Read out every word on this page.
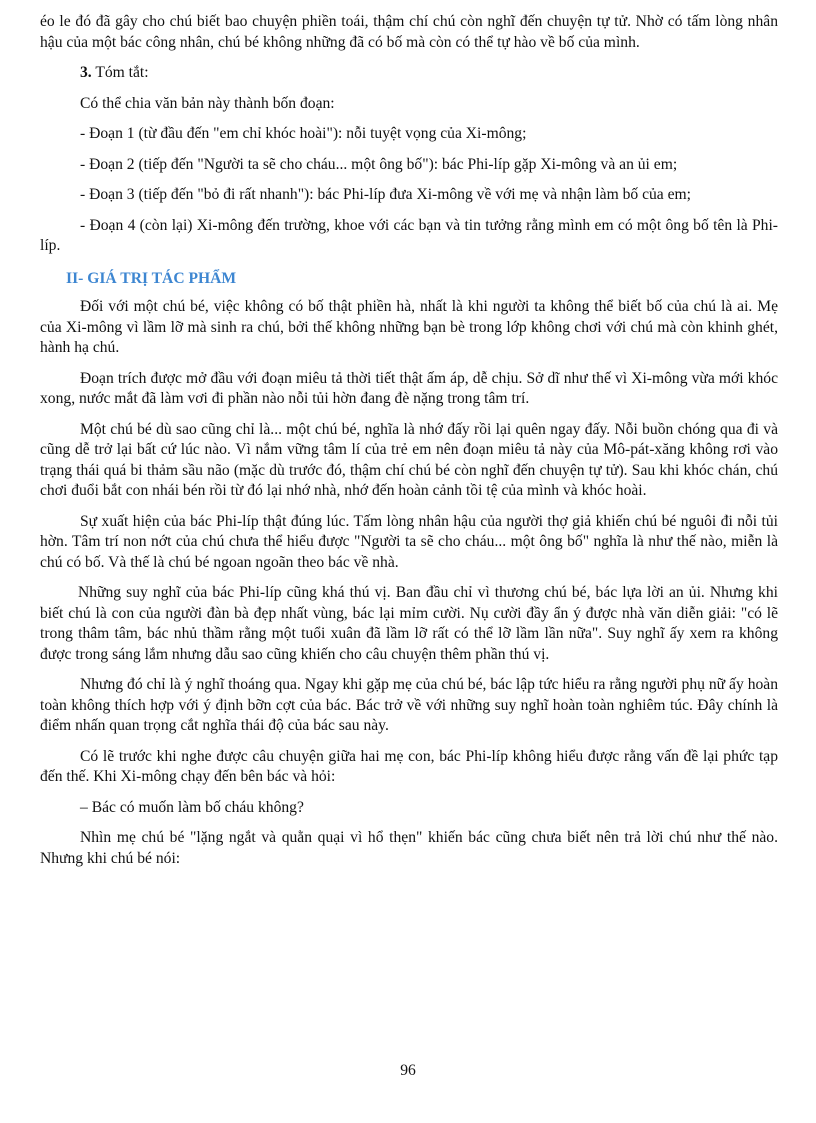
éo le đó đã gây cho chú biết bao chuyện phiền toái, thậm chí chú còn nghĩ đến chuyện tự tử. Nhờ có tấm lòng nhân hậu của một bác công nhân, chú bé không những đã có bố mà còn có thể tự hào về bố của mình.

3. Tóm tắt:

Có thể chia văn bản này thành bốn đoạn:

- Đoạn 1 (từ đầu đến "em chỉ khóc hoài"): nỗi tuyệt vọng của Xi-mông;

- Đoạn 2 (tiếp đến "Người ta sẽ cho cháu... một ông bố"): bác Phi-líp gặp Xi-mông và an ủi em;

- Đoạn 3 (tiếp đến "bỏ đi rất nhanh"): bác Phi-líp đưa Xi-mông về với mẹ và nhận làm bố của em;

- Đoạn 4 (còn lại) Xi-mông đến trường, khoe với các bạn và tin tưởng rằng mình em có một ông bố tên là Phi-líp.

II- GIÁ TRỊ TÁC PHẨM

Đối với một chú bé, việc không có bố thật phiền hà, nhất là khi người ta không thể biết bố của chú là ai. Mẹ của Xi-mông vì lầm lỡ mà sinh ra chú, bởi thế không những bạn bè trong lớp không chơi với chú mà còn khinh ghét, hành hạ chú.

Đoạn trích được mở đầu với đoạn miêu tả thời tiết thật ấm áp, dễ chịu. Sở dĩ như thế vì Xi-mông vừa mới khóc xong, nước mắt đã làm vơi đi phần nào nỗi tủi hờn đang đè nặng trong tâm trí.

Một chú bé dù sao cũng chỉ là... một chú bé, nghĩa là nhớ đấy rồi lại quên ngay đấy. Nỗi buồn chóng qua đi và cũng dễ trở lại bất cứ lúc nào. Vì nắm vững tâm lí của trẻ em nên đoạn miêu tả này của Mô-pát-xăng không rơi vào trạng thái quá bi thảm sầu não (mặc dù trước đó, thậm chí chú bé còn nghĩ đến chuyện tự tử). Sau khi khóc chán, chú chơi đuổi bắt con nhái bén rồi từ đó lại nhớ nhà, nhớ đến hoàn cảnh tồi tệ của mình và khóc hoài.

Sự xuất hiện của bác Phi-líp thật đúng lúc. Tấm lòng nhân hậu của người thợ giả khiến chú bé nguôi đi nỗi tủi hờn. Tâm trí non nớt của chú chưa thể hiểu được "Người ta sẽ cho cháu... một ông bố" nghĩa là như thế nào, miễn là chú có bố. Và thế là chú bé ngoan ngoãn theo bác về nhà.

Những suy nghĩ của bác Phi-líp cũng khá thú vị. Ban đầu chỉ vì thương chú bé, bác lựa lời an ủi. Nhưng khi biết chú là con của người đàn bà đẹp nhất vùng, bác lại mỉm cười. Nụ cười đầy ẩn ý được nhà văn diễn giải: "có lẽ trong thâm tâm, bác nhủ thầm rằng một tuổi xuân đã lầm lỡ rất có thể lỡ lầm lần nữa". Suy nghĩ ấy xem ra không được trong sáng lắm nhưng dẫu sao cũng khiến cho câu chuyện thêm phần thú vị.

Nhưng đó chỉ là ý nghĩ thoáng qua. Ngay khi gặp mẹ của chú bé, bác lập tức hiểu ra rằng người phụ nữ ấy hoàn toàn không thích hợp với ý định bỡn cợt của bác. Bác trở về với những suy nghĩ hoàn toàn nghiêm túc. Đây chính là điểm nhấn quan trọng cắt nghĩa thái độ của bác sau này.

Có lẽ trước khi nghe được câu chuyện giữa hai mẹ con, bác Phi-líp không hiểu được rằng vấn đề lại phức tạp đến thế. Khi Xi-mông chạy đến bên bác và hỏi:

– Bác có muốn làm bố cháu không?

Nhìn mẹ chú bé "lặng ngắt và quằn quại vì hổ thẹn" khiến bác cũng chưa biết nên trả lời chú như thế nào. Nhưng khi chú bé nói:

96
